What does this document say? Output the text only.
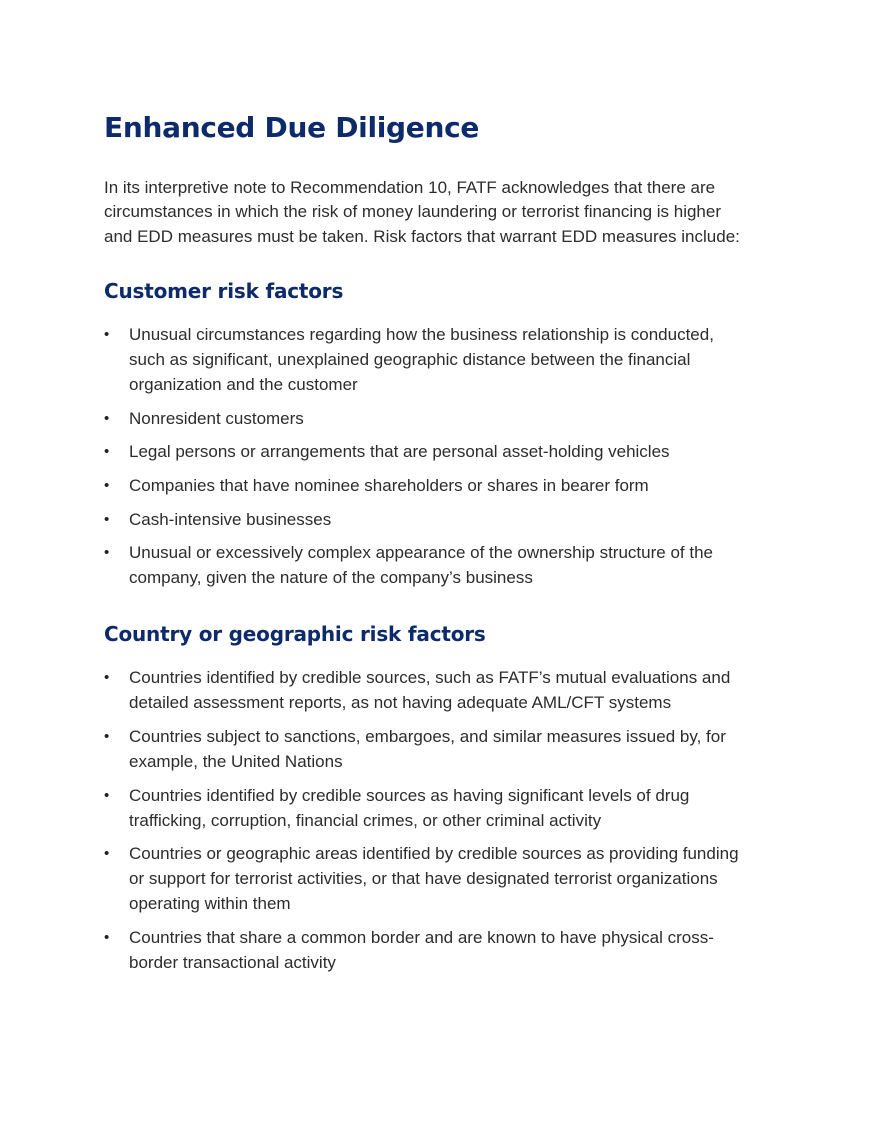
Enhanced Due Diligence

In its interpretive note to Recommendation 10, FATF acknowledges that there are circumstances in which the risk of money laundering or terrorist financing is higher and EDD measures must be taken. Risk factors that warrant EDD measures include:

Customer risk factors
• Unusual circumstances regarding how the business relationship is conducted, such as significant, unexplained geographic distance between the financial organization and the customer
• Nonresident customers
• Legal persons or arrangements that are personal asset-holding vehicles
• Companies that have nominee shareholders or shares in bearer form
• Cash-intensive businesses
• Unusual or excessively complex appearance of the ownership structure of the company, given the nature of the company’s business
Country or geographic risk factors
• Countries identified by credible sources, such as FATF’s mutual evaluations and detailed assessment reports, as not having adequate AML/CFT systems
• Countries subject to sanctions, embargoes, and similar measures issued by, for example, the United Nations
• Countries identified by credible sources as having significant levels of drug trafficking, corruption, financial crimes, or other criminal activity
• Countries or geographic areas identified by credible sources as providing funding or support for terrorist activities, or that have designated terrorist organizations operating within them
• Countries that share a common border and are known to have physical cross-border transactional activity
